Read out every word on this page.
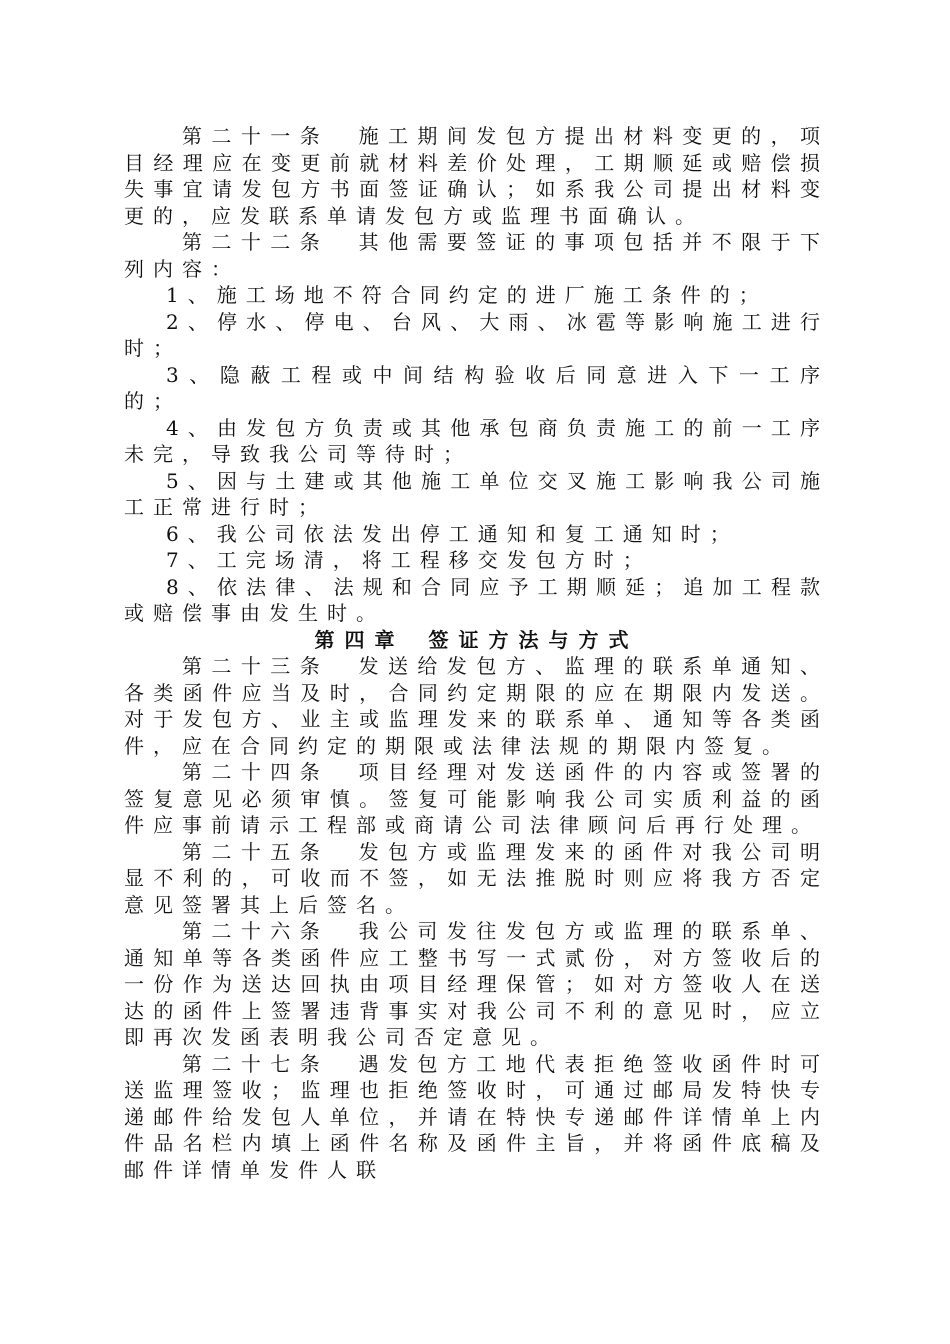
第二十一条　施工期间发包方提出材料变更的，项目经理应在变更前就材料差价处理，工期顺延或赔偿损失事宜请发包方书面签证确认；如系我公司提出材料变更的，应发联系单请发包方或监理书面确认。

第二十二条　其他需要签证的事项包括并不限于下列内容：

1、施工场地不符合同约定的进厂施工条件的；

2、停水、停电、台风、大雨、冰雹等影响施工进行时；

3、隐蔽工程或中间结构验收后同意进入下一工序的；

4、由发包方负责或其他承包商负责施工的前一工序未完，导致我公司等待时；

5、因与土建或其他施工单位交叉施工影响我公司施工正常进行时；

6、我公司依法发出停工通知和复工通知时；

7、工完场清，将工程移交发包方时；

8、依法律、法规和合同应予工期顺延；追加工程款或赔偿事由发生时。

第四章 签证方法与方式

第二十三条　发送给发包方、监理的联系单通知、各类函件应当及时，合同约定期限的应在期限内发送。对于发包方、业主或监理发来的联系单、通知等各类函件，应在合同约定的期限或法律法规的期限内签复。

第二十四条　项目经理对发送函件的内容或签署的签复意见必须审慎。签复可能影响我公司实质利益的函件应事前请示工程部或商请公司法律顾问后再行处理。

第二十五条　发包方或监理发来的函件对我公司明显不利的，可收而不签，如无法推脱时则应将我方否定意见签署其上后签名。

第二十六条　我公司发往发包方或监理的联系单、通知单等各类函件应工整书写一式贰份，对方签收后的一份作为送达回执由项目经理保管；如对方签收人在送达的函件上签署违背事实对我公司不利的意见时，应立即再次发函表明我公司否定意见。

第二十七条　遇发包方工地代表拒绝签收函件时可送监理签收；监理也拒绝签收时，可通过邮局发特快专递邮件给发包人单位，并请在特快专递邮件详情单上内件品名栏内填上函件名称及函件主旨，并将函件底稿及邮件详情单发件人联
